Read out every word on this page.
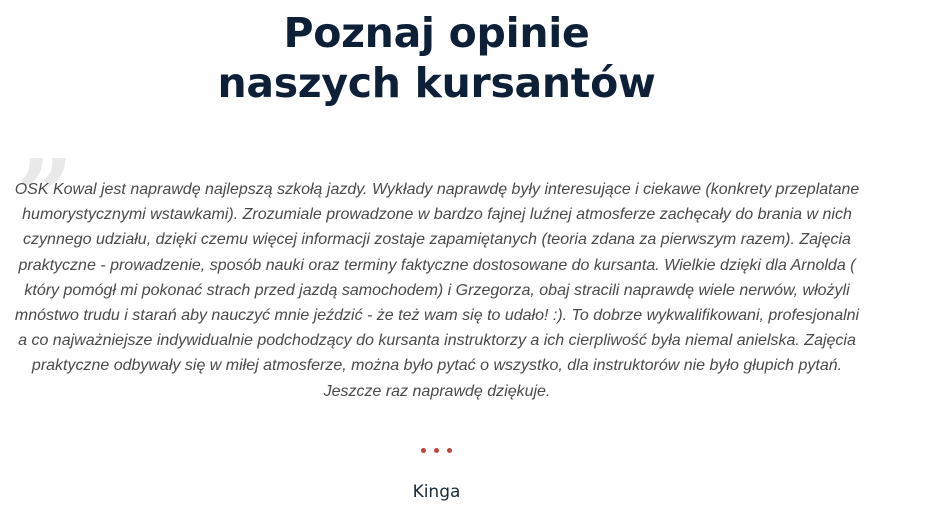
Poznaj opinie
naszych kursantów
”

OSK Kowal jest naprawdę najlepszą szkołą jazdy. Wykłady naprawdę były interesujące i ciekawe (konkrety przeplatane humorystycznymi wstawkami). Zrozumiale prowadzone w bardzo fajnej luźnej atmosferze zachęcały do brania w nich czynnego udziału, dzięki czemu więcej informacji zostaje zapamiętanych (teoria zdana za pierwszym razem). Zajęcia praktyczne - prowadzenie, sposób nauki oraz terminy faktyczne dostosowane do kursanta. Wielkie dzięki dla Arnolda ( który pomógł mi pokonać strach przed jazdą samochodem) i Grzegorza, obaj stracili naprawdę wiele nerwów, włożyli mnóstwo trudu i starań aby nauczyć mnie jeździć - że też wam się to udało! :). To dobrze wykwalifikowani, profesjonalni a co najważniejsze indywidualnie podchodzący do kursanta instruktorzy a ich cierpliwość była niemal anielska. Zajęcia praktyczne odbywały się w miłej atmosferze, można było pytać o wszystko, dla instruktorów nie było głupich pytań. Jeszcze raz naprawdę dziękuje.

Kinga
